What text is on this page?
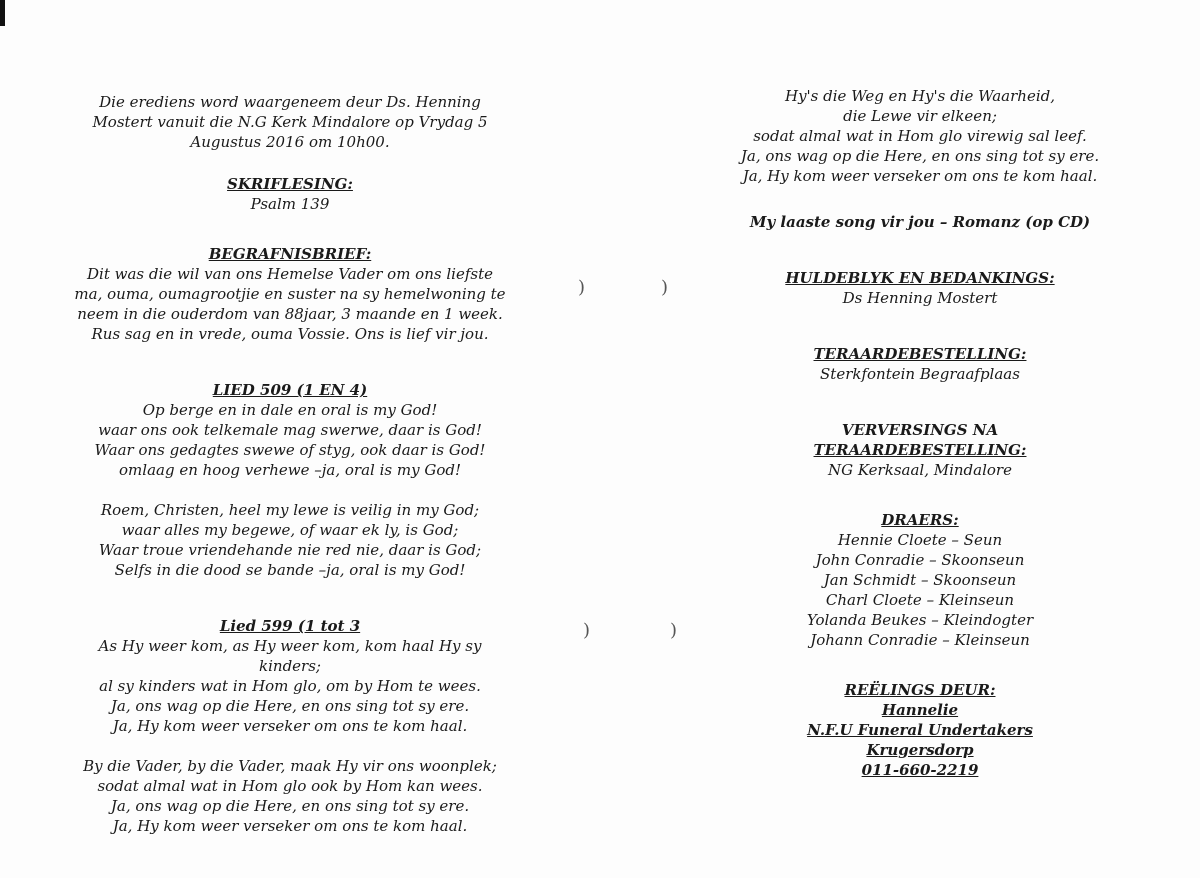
Die erediens word waargeneem deur Ds. Henning
Mostert vanuit die N.G Kerk Mindalore op Vrydag 5
Augustus 2016 om 10h00.
SKRIFLESING:
Psalm 139
BEGRAFNISBRIEF:
Dit was die wil van ons Hemelse Vader om ons liefste
ma, ouma, oumagrootjie en suster na sy hemelwoning te
neem in die ouderdom van 88jaar, 3 maande en 1 week.
Rus sag en in vrede, ouma Vossie. Ons is lief vir jou.
LIED 509 (1 EN 4)
Op berge en in dale en oral is my God!
waar ons ook telkemale mag swerwe, daar is God!
Waar ons gedagtes swewe of styg, ook daar is God!
omlaag en hoog verhewe –ja, oral is my God!
Roem, Christen, heel my lewe is veilig in my God;
waar alles my begewe, of waar ek ly, is God;
Waar troue vriendehande nie red nie, daar is God;
Selfs in die dood se bande –ja, oral is my God!
Lied 599 (1 tot 3
As Hy weer kom, as Hy weer kom, kom haal Hy sy
kinders;
al sy kinders wat in Hom glo, om by Hom te wees.
Ja, ons wag op die Here, en ons sing tot sy ere.
Ja, Hy kom weer verseker om ons te kom haal.
By die Vader, by die Vader, maak Hy vir ons woonplek;
sodat almal wat in Hom glo ook by Hom kan wees.
Ja, ons wag op die Here, en ons sing tot sy ere.
Ja, Hy kom weer verseker om ons te kom haal.
)	)
)	)
Hy's die Weg en Hy's die Waarheid,
die Lewe vir elkeen;
sodat almal wat in Hom glo virewig sal leef.
Ja, ons wag op die Here, en ons sing tot sy ere.
Ja, Hy kom weer verseker om ons te kom haal.
My laaste song vir jou – Romanz (op CD)
HULDEBLYK EN BEDANKINGS:
Ds Henning Mostert
TERAARDEBESTELLING:
Sterkfontein Begraafplaas
VERVERSINGS NA
TERAARDEBESTELLING:
NG Kerksaal, Mindalore
DRAERS:
Hennie Cloete – Seun
John Conradie – Skoonseun
Jan Schmidt – Skoonseun
Charl Cloete – Kleinseun
Yolanda Beukes – Kleindogter
Johann Conradie – Kleinseun
REËLINGS DEUR:
Hannelie
N.F.U Funeral Undertakers
Krugersdorp
011-660-2219
